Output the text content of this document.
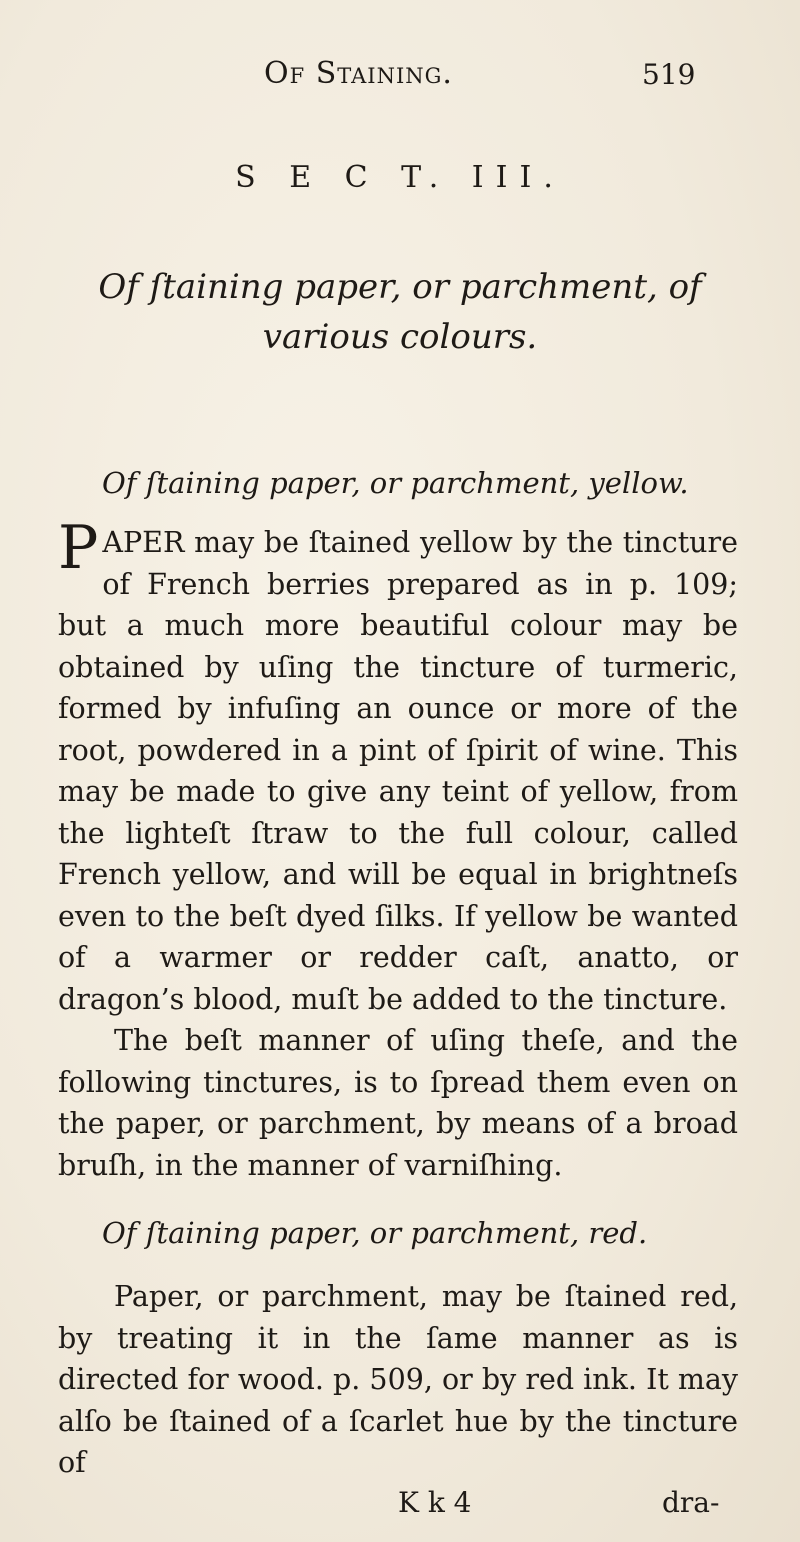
Of Staining.	519
S E C T. III.
Of ſtaining paper, or parchment, of various colours.
Of ſtaining paper, or parchment, yellow.

PAPER may be ſtained yellow by the tincture of French berries prepared as in p. 109; but a much more beautiful colour may be obtained by uſing the tincture of turmeric, formed by infuſing an ounce or more of the root, powdered in a pint of ſpirit of wine. This may be made to give any teint of yellow, from the lighteſt ſtraw to the full colour, called French yellow, and will be equal in brightneſs even to the beſt dyed ſilks. If yellow be wanted of a warmer or redder caſt, anatto, or dragon’s blood, muſt be added to the tincture.

The beſt manner of uſing theſe, and the following tinctures, is to ſpread them even on the paper, or parchment, by means of a broad bruſh, in the manner of varniſhing.

Of ſtaining paper, or parchment, red.

Paper, or parchment, may be ſtained red, by treating it in the ſame manner as is directed for wood. p. 509, or by red ink. It may alſo be ſtained of a ſcarlet hue by the tincture of

K k 4	dra-
